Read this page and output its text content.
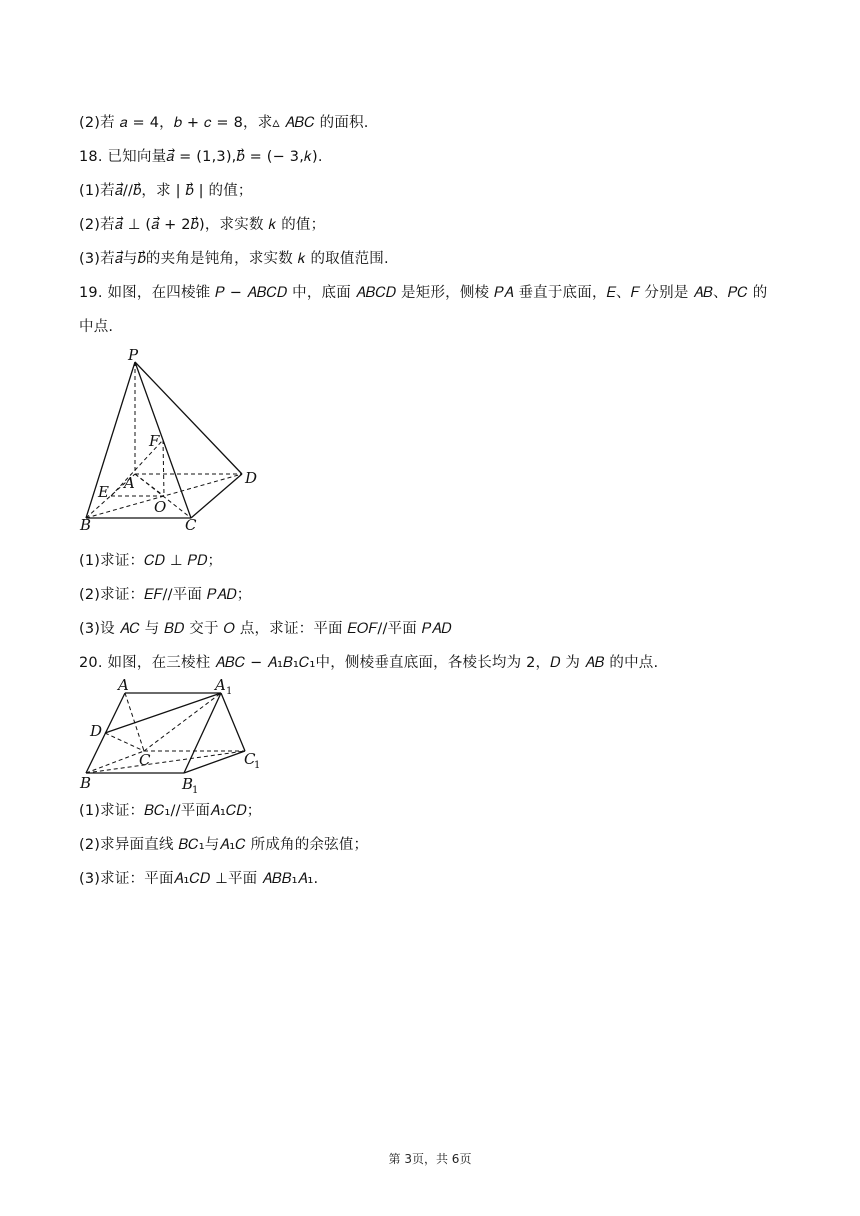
(2)若 𝑎 = 4，𝑏 + 𝑐 = 8，求▵ 𝐴𝐵𝐶 的面积.
18. 已知向量𝑎⃗ = (1,3),𝑏⃗ = (− 3,𝑘).
(1)若𝑎⃗//𝑏⃗，求 | 𝑏⃗ | 的值；
(2)若𝑎⃗ ⊥ (𝑎⃗ + 2𝑏⃗)，求实数 𝑘 的值；
(3)若𝑎⃗与𝑏⃗的夹角是钝角，求实数 𝑘 的取值范围.
19. 如图，在四棱锥 𝑃 − 𝐴𝐵𝐶𝐷 中，底面 𝐴𝐵𝐶𝐷 是矩形，侧棱 𝑃𝐴 垂直于底面，𝐸、𝐹 分别是 𝐴𝐵、𝑃𝐶 的中点.
P
F
D
E A
O
B	C
(1)求证：𝐶𝐷 ⊥ 𝑃𝐷；
(2)求证：𝐸𝐹//平面 𝑃𝐴𝐷；
(3)设 𝐴𝐶 与 𝐵𝐷 交于 𝑂 点，求证：平面 𝐸𝑂𝐹//平面 𝑃𝐴𝐷
20. 如图，在三棱柱 𝐴𝐵𝐶 − 𝐴₁𝐵₁𝐶₁中，侧棱垂直底面，各棱长均为 2，𝐷 为 𝐴𝐵 的中点.
A	A 1
D
C	C
1
B	B
1
(1)求证：𝐵𝐶₁//平面𝐴₁𝐶𝐷；
(2)求异面直线 𝐵𝐶₁与𝐴₁𝐶 所成角的余弦值；
(3)求证：平面𝐴₁𝐶𝐷 ⊥平面 𝐴𝐵𝐵₁𝐴₁.
第 3页，共 6页
